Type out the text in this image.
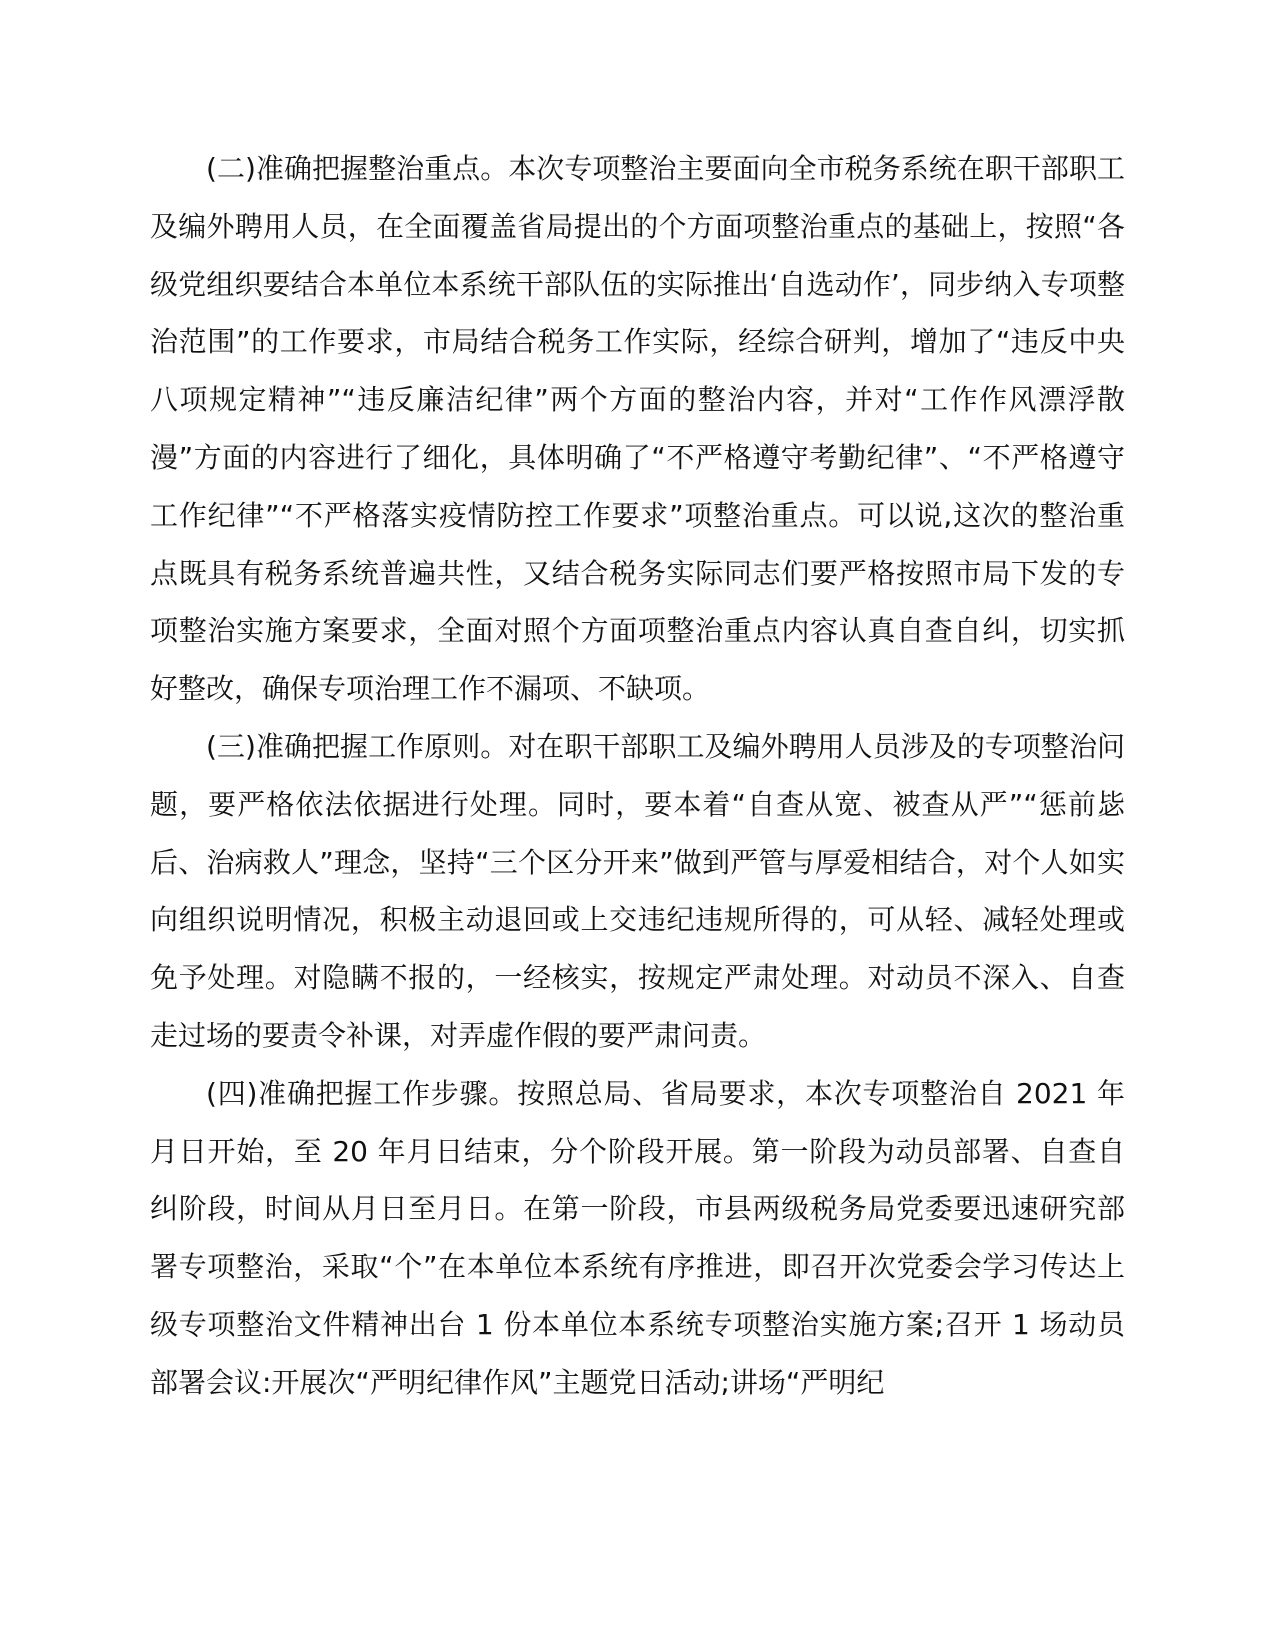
(二)准确把握整治重点。本次专项整治主要面向全市税务系统在职干部职工及编外聘用人员，在全面覆盖省局提出的个方面项整治重点的基础上，按照“各级党组织要结合本单位本系统干部队伍的实际推出‘自选动作’，同步纳入专项整治范围”的工作要求，市局结合税务工作实际，经综合研判，增加了“违反中央八项规定精神”“违反廉洁纪律”两个方面的整治内容，并对“工作作风漂浮散漫”方面的内容进行了细化，具体明确了“不严格遵守考勤纪律”、“不严格遵守工作纪律”“不严格落实疫情防控工作要求”项整治重点。可以说,这次的整治重点既具有税务系统普遍共性，又结合税务实际同志们要严格按照市局下发的专项整治实施方案要求，全面对照个方面项整治重点内容认真自查自纠，切实抓好整改，确保专项治理工作不漏项、不缺项。

(三)准确把握工作原则。对在职干部职工及编外聘用人员涉及的专项整治问题，要严格依法依据进行处理。同时，要本着“自查从宽、被查从严”“惩前毖后、治病救人”理念，坚持“三个区分开来”做到严管与厚爱相结合，对个人如实向组织说明情况，积极主动退回或上交违纪违规所得的，可从轻、减轻处理或免予处理。对隐瞒不报的，一经核实，按规定严肃处理。对动员不深入、自查走过场的要责令补课，对弄虚作假的要严肃问责。

(四)准确把握工作步骤。按照总局、省局要求，本次专项整治自 2021 年月日开始，至 20 年月日结束，分个阶段开展。第一阶段为动员部署、自查自纠阶段，时间从月日至月日。在第一阶段，市县两级税务局党委要迅速研究部署专项整治，采取“个”在本单位本系统有序推进，即召开次党委会学习传达上级专项整治文件精神出台 1 份本单位本系统专项整治实施方案;召开 1 场动员部署会议:开展次“严明纪律作风”主题党日活动;讲场“严明纪
